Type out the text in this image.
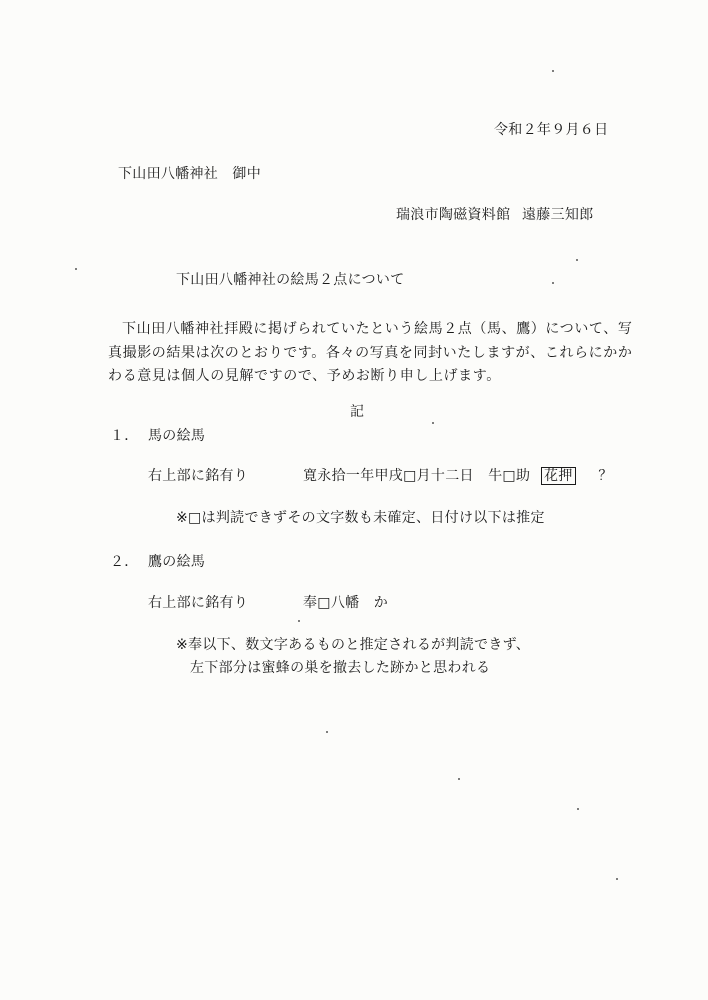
令和２年９月６日
下山田八幡神社　御中
瑞浪市陶磁資料館 遠藤三知郎
下山田八幡神社の絵馬２点について
下山田八幡神社拝殿に掲げられていたという絵馬２点（馬、鷹）について、写
真撮影の結果は次のとおりです。各々の写真を同封いたしますが、これらにかか
わる意見は個人の見解ですので、予めお断り申し上げます。
記
１． 馬の絵馬
右上部に銘有り	寛永拾一年甲戌□月十二日　牛□助 花押 ？
※□は判読できずその文字数も未確定、日付け以下は推定
２． 鷹の絵馬
右上部に銘有り	奉□八幡　か
※奉以下、数文字あるものと推定されるが判読できず、
左下部分は蜜蜂の巣を撤去した跡かと思われる
